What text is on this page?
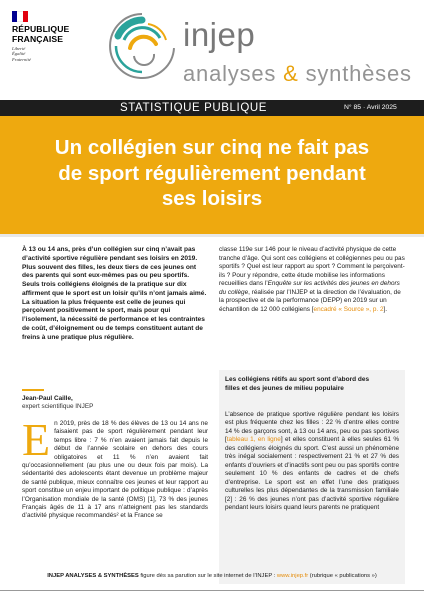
RÉPUBLIQUE
FRANÇAISE
Liberté
Égalité
Fraternité
injep
analyses & synthèses
STATISTIQUE PUBLIQUE	N° 85 · Avril 2025
Un collégien sur cinq ne fait pas de sport régulièrement pendant ses loisirs

À 13 ou 14 ans, près d’un collégien sur cinq n’avait pas d’activité sportive régulière pendant ses loisirs en 2019. Plus souvent des filles, les deux tiers de ces jeunes ont des parents qui sont eux-mêmes pas ou peu sportifs. Seuls trois collégiens éloignés de la pratique sur dix affirment que le sport est un loisir qu’ils n’ont jamais aimé. La situation la plus fréquente est celle de jeunes qui perçoivent positivement le sport, mais pour qui l’isolement, la nécessité de performance et les contraintes de coût, d’éloignement ou de temps constituent autant de freins à une pratique plus régulière.

Jean-Paul Caille,
expert scientifique INJEP
En 2019, près de 18 % des élèves de 13 ou 14 ans ne faisaient pas de sport régulièrement pendant leur temps libre : 7 % n’en avaient jamais fait depuis le début de l’année scolaire en dehors des cours obligatoires et 11 % n’en avaient fait qu’occasionnellement (au plus une ou deux fois par mois). La sédentarité des adolescents étant devenue un problème majeur de santé publique, mieux connaître ces jeunes et leur rapport au sport constitue un enjeu important de politique publique : d’après l’Organisation mondiale de la santé (OMS) [1], 73 % des jeunes Français âgés de 11 à 17 ans n’atteignent pas les standards d’activité physique recommandés² et la France se
classe 119e sur 146 pour le niveau d’activité physique de cette tranche d’âge. Qui sont ces collégiens et collégiennes peu ou pas sportifs ? Quel est leur rapport au sport ? Comment le perçoivent-ils ? Pour y répondre, cette étude mobilise les informations recueillies dans l’Enquête sur les activités des jeunes en dehors du collège, réalisée par l’INJEP et la direction de l’évaluation, de la prospective et de la performance (DEPP) en 2019 sur un échantillon de 12 000 collégiens [encadré « Source », p. 2].
Les collégiens rétifs au sport sont d’abord des filles et des jeunes de milieu populaire
L’absence de pratique sportive régulière pendant les loisirs est plus fréquente chez les filles : 22 % d’entre elles contre 14 % des garçons sont, à 13 ou 14 ans, peu ou pas sportives [tableau 1, en ligne] et elles constituent à elles seules 61 % des collégiens éloignés du sport. C’est aussi un phénomène très inégal socialement : respectivement 21 % et 27 % des enfants d’ouvriers et d’inactifs sont peu ou pas sportifs contre seulement 10 % des enfants de cadres et de chefs d’entreprise. Le sport est en effet l’une des pratiques culturelles les plus dépendantes de la transmission familiale [2] : 26 % des jeunes n’ont pas d’activité sportive régulière pendant leurs loisirs quand leurs parents ne pratiquent
INJEP ANALYSES & SYNTHÈSES figure dès sa parution sur le site internet de l’INJEP : www.injep.fr (rubrique « publications »)
